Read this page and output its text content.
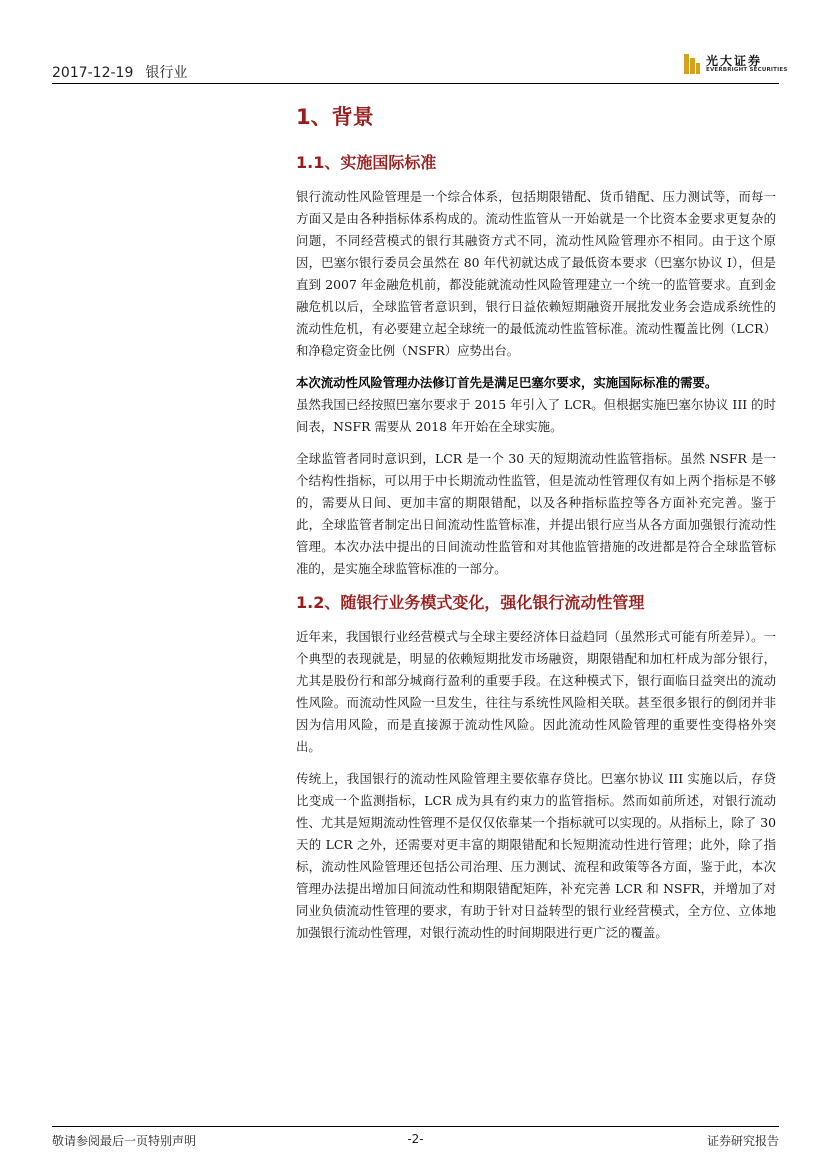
2017-12-19 银行业
光大证券
EVERBRIGHT SECURITIES
1、背景
1.1、实施国际标准

银行流动性风险管理是一个综合体系，包括期限错配、货币错配、压力测试等，而每一方面又是由各种指标体系构成的。流动性监管从一开始就是一个比资本金要求更复杂的问题，不同经营模式的银行其融资方式不同，流动性风险管理亦不相同。由于这个原因，巴塞尔银行委员会虽然在 80 年代初就达成了最低资本要求（巴塞尔协议 I），但是直到 2007 年金融危机前，都没能就流动性风险管理建立一个统一的监管要求。直到金融危机以后，全球监管者意识到，银行日益依赖短期融资开展批发业务会造成系统性的流动性危机，有必要建立起全球统一的最低流动性监管标准。流动性覆盖比例（LCR）和净稳定资金比例（NSFR）应势出台。

本次流动性风险管理办法修订首先是满足巴塞尔要求，实施国际标准的需要。

虽然我国已经按照巴塞尔要求于 2015 年引入了 LCR。但根据实施巴塞尔协议 III 的时间表，NSFR 需要从 2018 年开始在全球实施。

全球监管者同时意识到，LCR 是一个 30 天的短期流动性监管指标。虽然 NSFR 是一个结构性指标，可以用于中长期流动性监管，但是流动性管理仅有如上两个指标是不够的，需要从日间、更加丰富的期限错配，以及各种指标监控等各方面补充完善。鉴于此，全球监管者制定出日间流动性监管标准，并提出银行应当从各方面加强银行流动性管理。本次办法中提出的日间流动性监管和对其他监管措施的改进都是符合全球监管标准的，是实施全球监管标准的一部分。

1.2、随银行业务模式变化，强化银行流动性管理

近年来，我国银行业经营模式与全球主要经济体日益趋同（虽然形式可能有所差异）。一个典型的表现就是，明显的依赖短期批发市场融资，期限错配和加杠杆成为部分银行，尤其是股份行和部分城商行盈利的重要手段。在这种模式下，银行面临日益突出的流动性风险。而流动性风险一旦发生，往往与系统性风险相关联。甚至很多银行的倒闭并非因为信用风险，而是直接源于流动性风险。因此流动性风险管理的重要性变得格外突出。

传统上，我国银行的流动性风险管理主要依靠存贷比。巴塞尔协议 III 实施以后，存贷比变成一个监测指标，LCR 成为具有约束力的监管指标。然而如前所述，对银行流动性、尤其是短期流动性管理不是仅仅依靠某一个指标就可以实现的。从指标上，除了 30 天的 LCR 之外，还需要对更丰富的期限错配和长短期流动性进行管理；此外，除了指标，流动性风险管理还包括公司治理、压力测试、流程和政策等各方面，鉴于此，本次管理办法提出增加日间流动性和期限错配矩阵，补充完善 LCR 和 NSFR，并增加了对同业负债流动性管理的要求，有助于针对日益转型的银行业经营模式，全方位、立体地加强银行流动性管理，对银行流动性的时间期限进行更广泛的覆盖。

敬请参阅最后一页特别声明	-2-	证券研究报告
